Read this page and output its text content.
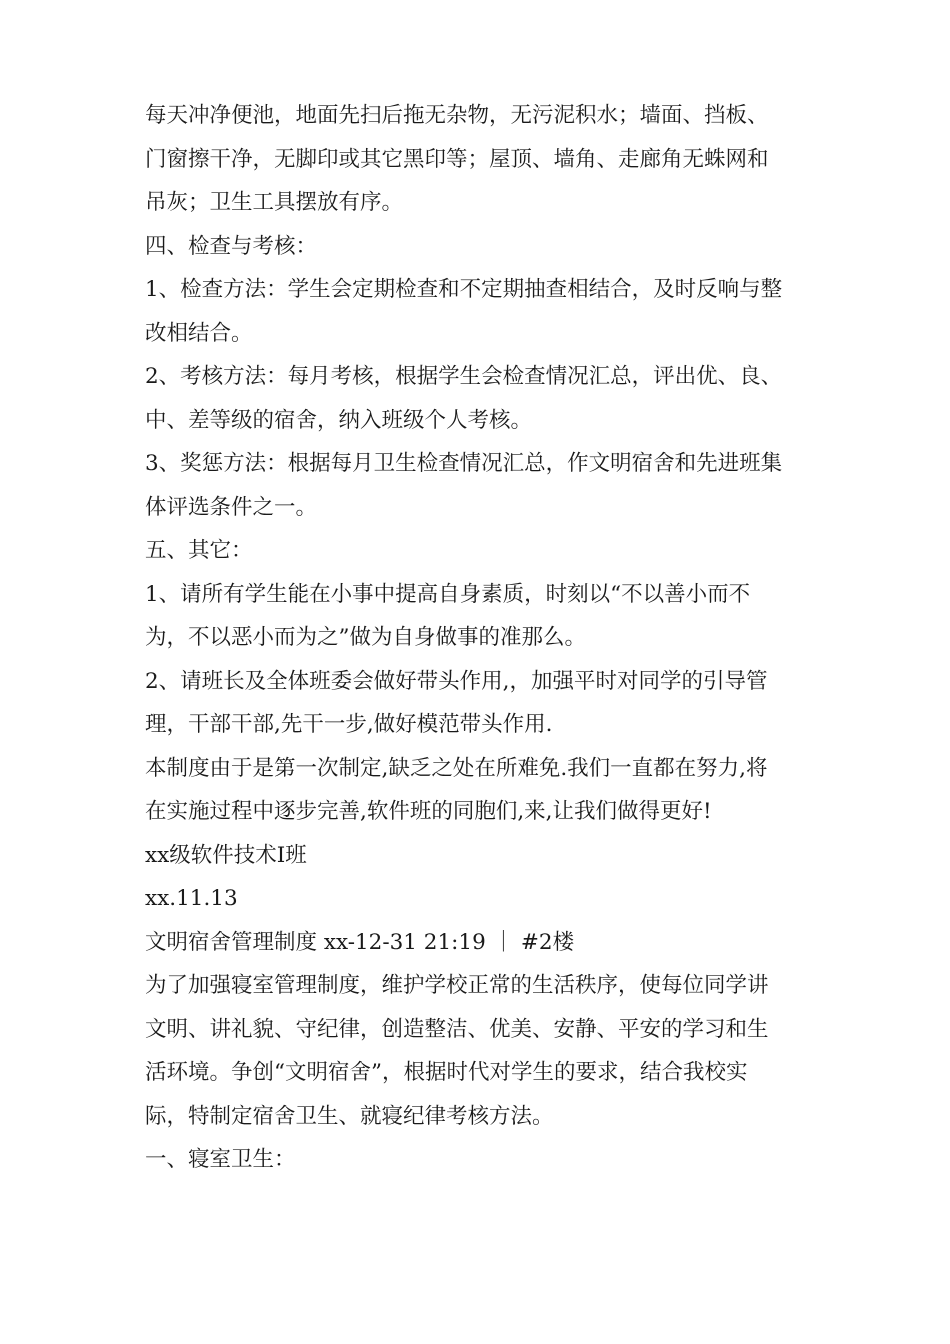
每天冲净便池，地面先扫后拖无杂物，无污泥积水；墙面、挡板、
门窗擦干净，无脚印或其它黑印等；屋顶、墙角、走廊角无蛛网和
吊灰；卫生工具摆放有序。
四、检查与考核：
1、检查方法：学生会定期检查和不定期抽查相结合，及时反响与整
改相结合。
2、考核方法：每月考核，根据学生会检查情况汇总，评出优、良、
中、差等级的宿舍，纳入班级个人考核。
3、奖惩方法：根据每月卫生检查情况汇总，作文明宿舍和先进班集
体评选条件之一。
五、其它：
1、请所有学生能在小事中提高自身素质，时刻以“不以善小而不
为，不以恶小而为之”做为自身做事的准那么。
2、请班长及全体班委会做好带头作用,，加强平时对同学的引导管
理，干部干部,先干一步,做好模范带头作用.
本制度由于是第一次制定,缺乏之处在所难免.我们一直都在努力,将
在实施过程中逐步完善,软件班的同胞们,来,让我们做得更好!
xx级软件技术Ⅰ班
xx.11.13
文明宿舍管理制度 xx-12-31 21:19 ｜ #2楼
为了加强寝室管理制度，维护学校正常的生活秩序，使每位同学讲
文明、讲礼貌、守纪律，创造整洁、优美、安静、平安的学习和生
活环境。争创“文明宿舍”，根据时代对学生的要求，结合我校实
际，特制定宿舍卫生、就寝纪律考核方法。
一、寝室卫生：
